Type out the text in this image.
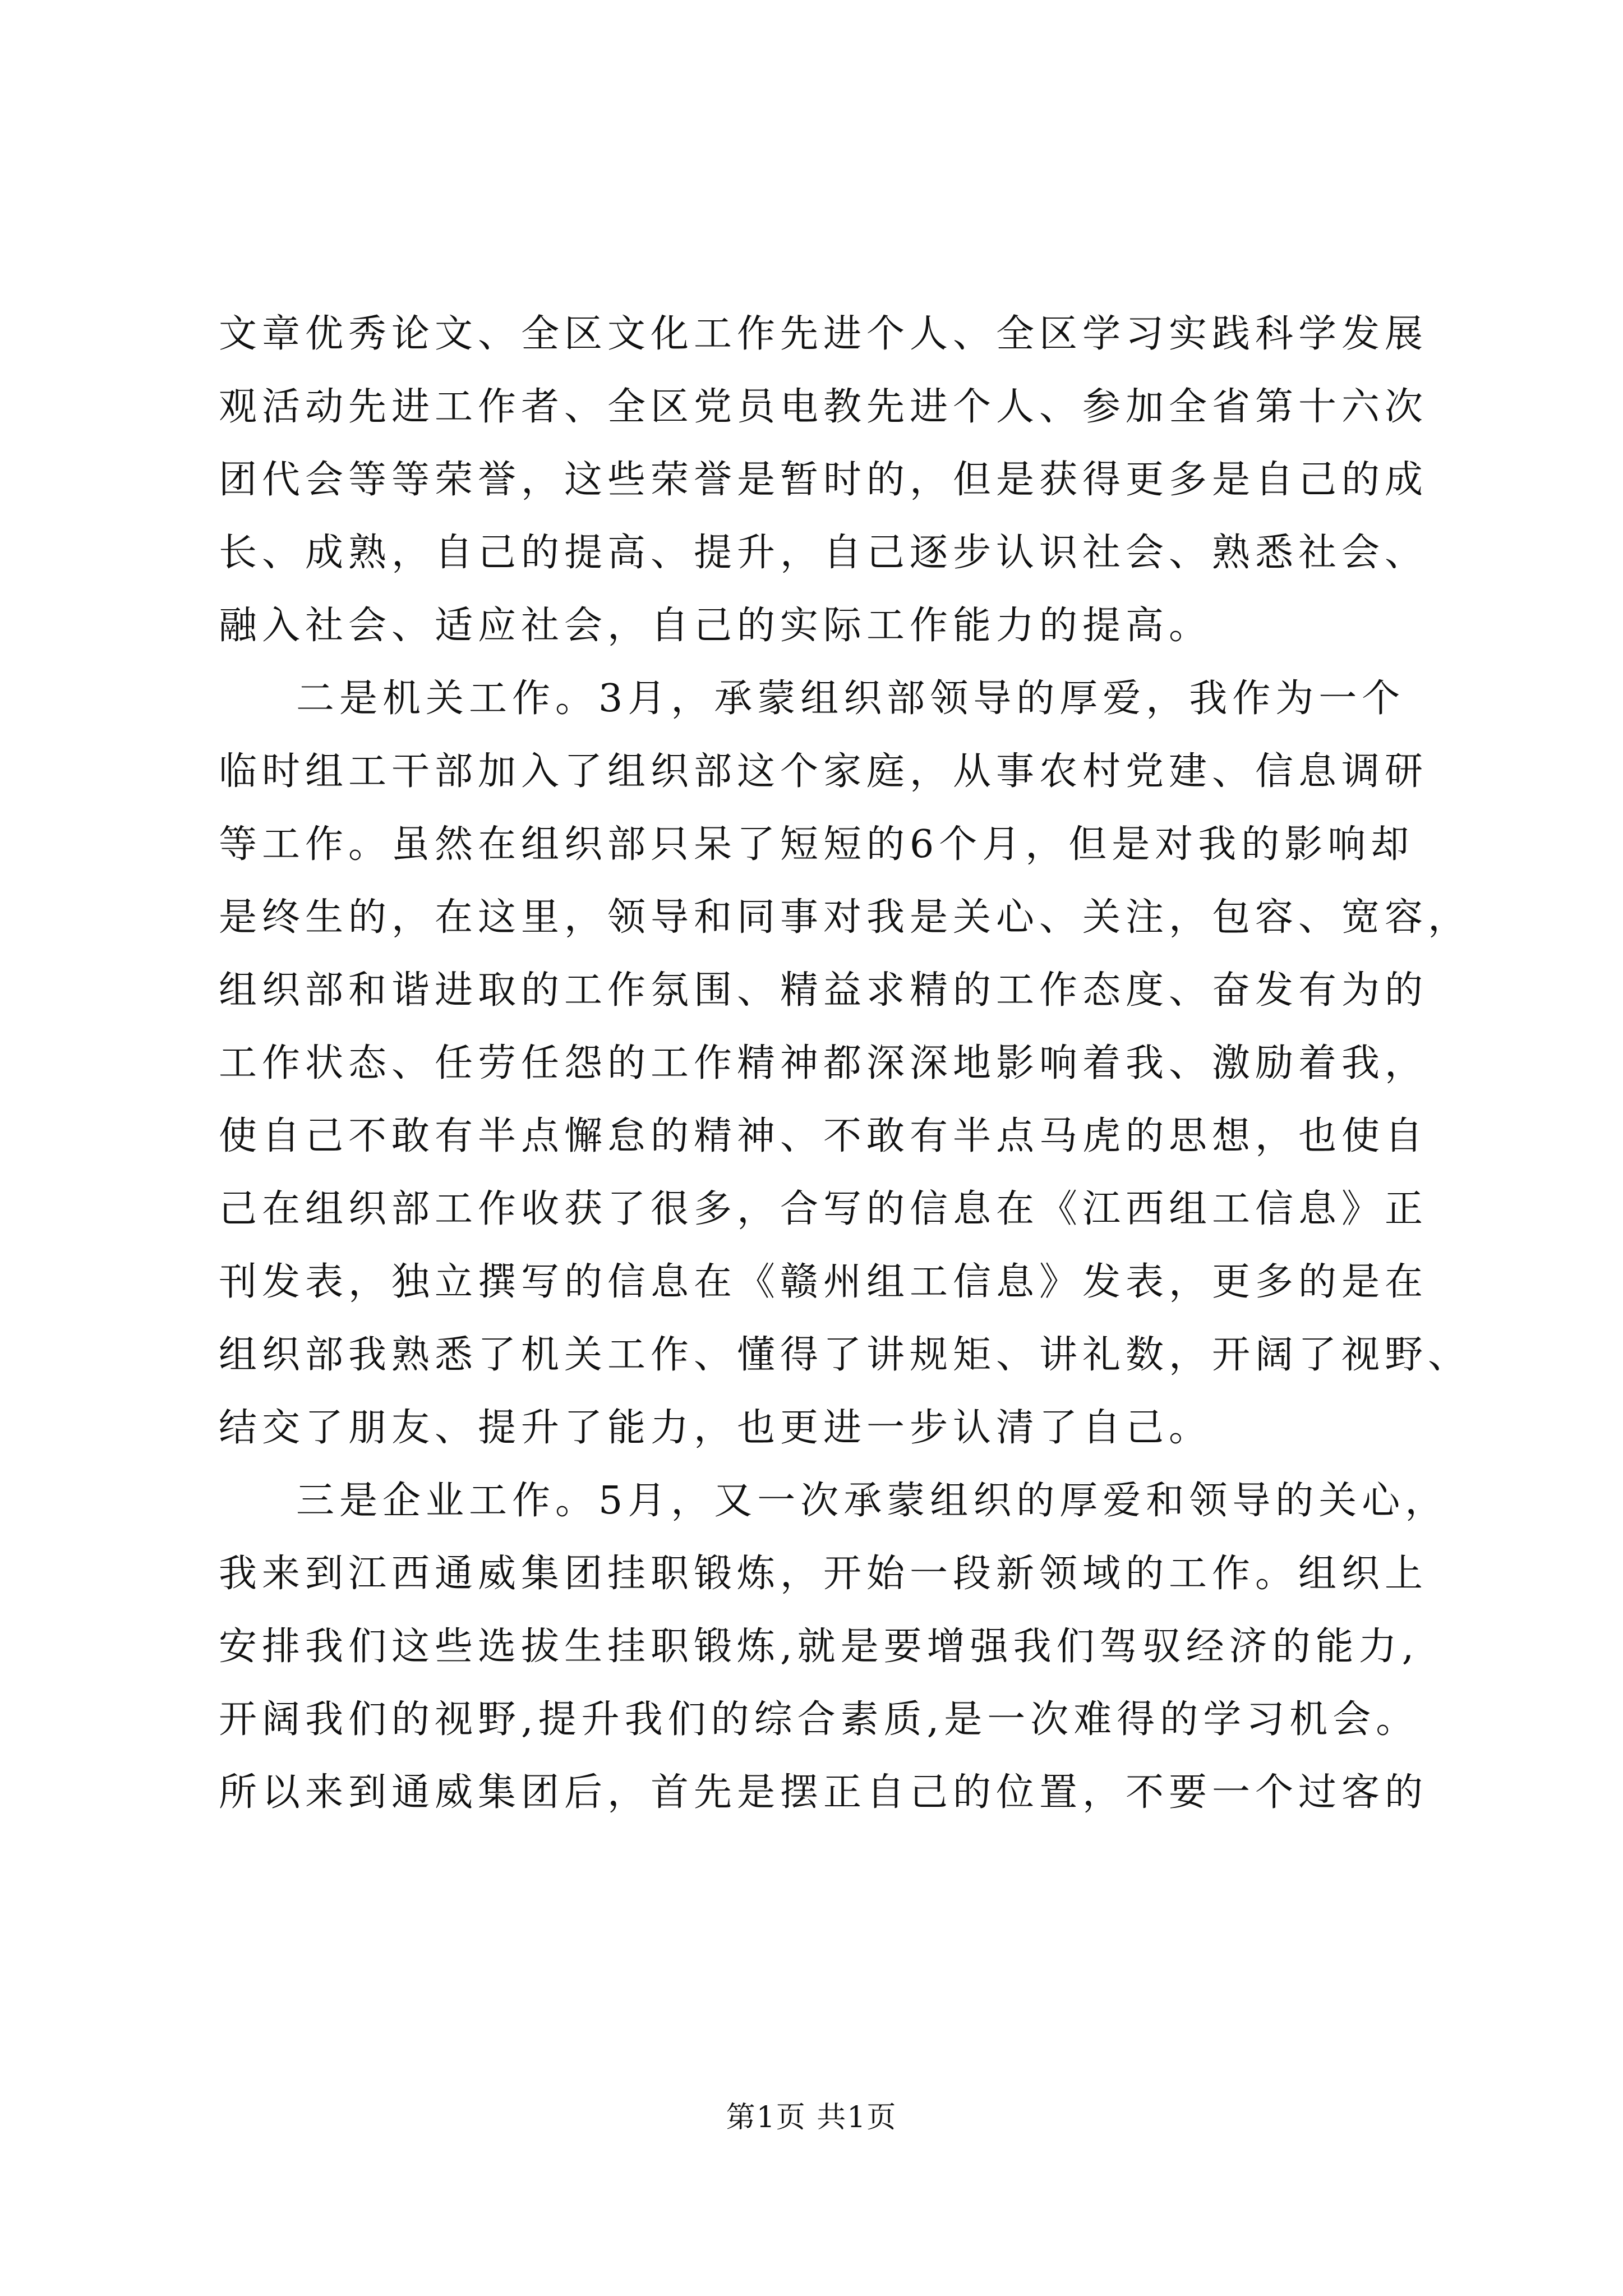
文章优秀论文、全区文化工作先进个人、全区学习实践科学发展
观活动先进工作者、全区党员电教先进个人、参加全省第十六次
团代会等等荣誉，这些荣誉是暂时的，但是获得更多是自己的成
长、成熟，自己的提高、提升，自己逐步认识社会、熟悉社会、
融入社会、适应社会，自己的实际工作能力的提高。
二是机关工作。3月，承蒙组织部领导的厚爱，我作为一个
临时组工干部加入了组织部这个家庭，从事农村党建、信息调研
等工作。虽然在组织部只呆了短短的6个月，但是对我的影响却
是终生的，在这里，领导和同事对我是关心、关注，包容、宽容，
组织部和谐进取的工作氛围、精益求精的工作态度、奋发有为的
工作状态、任劳任怨的工作精神都深深地影响着我、激励着我，
使自己不敢有半点懈怠的精神、不敢有半点马虎的思想，也使自
己在组织部工作收获了很多，合写的信息在《江西组工信息》正
刊发表，独立撰写的信息在《赣州组工信息》发表，更多的是在
组织部我熟悉了机关工作、懂得了讲规矩、讲礼数，开阔了视野、
结交了朋友、提升了能力，也更进一步认清了自己。
三是企业工作。5月，又一次承蒙组织的厚爱和领导的关心，
我来到江西通威集团挂职锻炼，开始一段新领域的工作。组织上
安排我们这些选拔生挂职锻炼,就是要增强我们驾驭经济的能力,
开阔我们的视野,提升我们的综合素质,是一次难得的学习机会。
所以来到通威集团后，首先是摆正自己的位置，不要一个过客的
第1页 共1页
